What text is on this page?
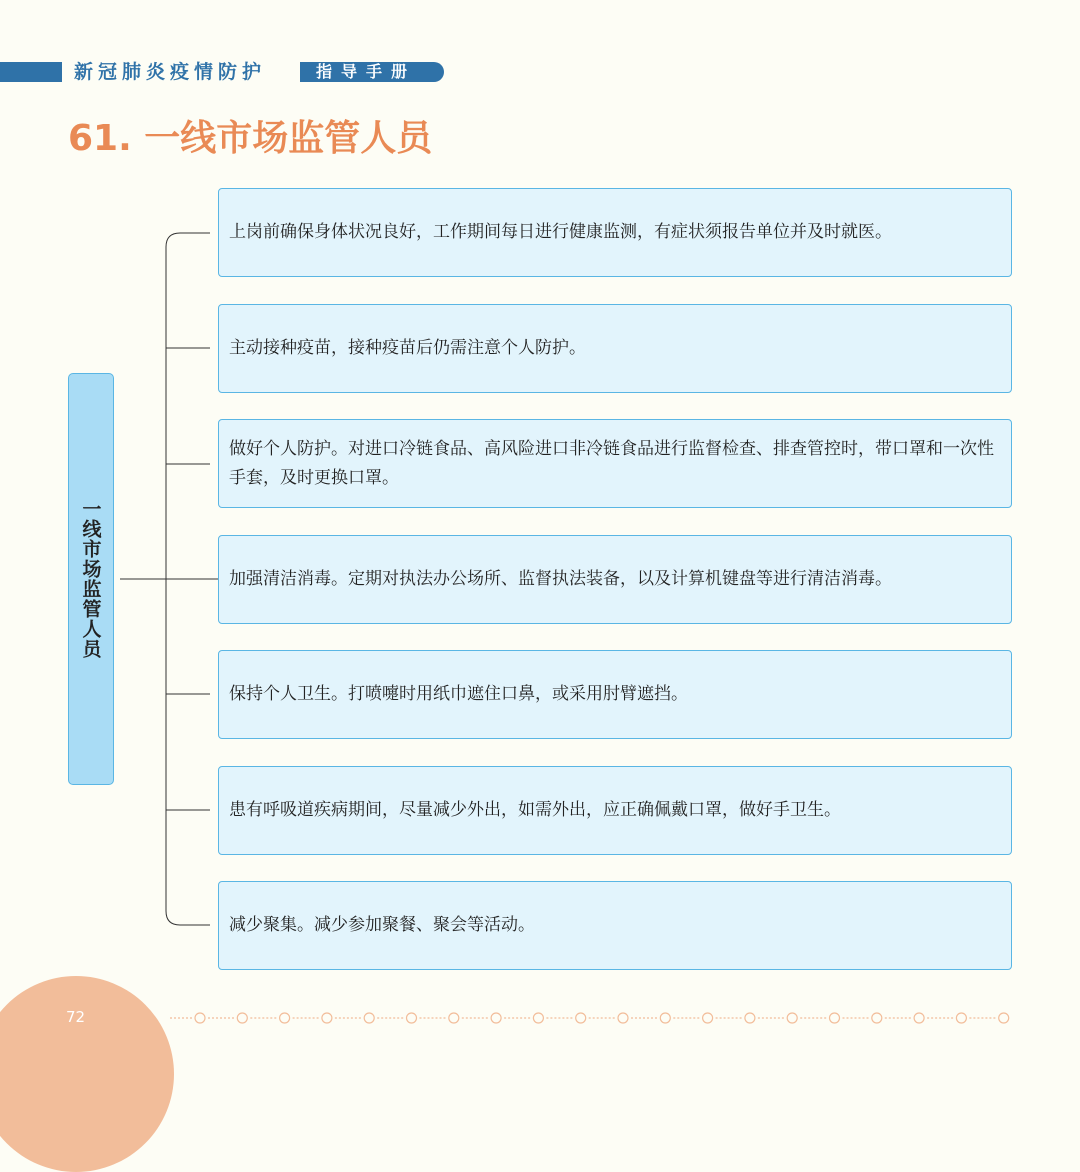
新冠肺炎疫情防护	指导手册
61. 一线市场监管人员
一线市场监管人员
上岗前确保身体状况良好，工作期间每日进行健康监测，有症状须报告单位并及时就医。
主动接种疫苗，接种疫苗后仍需注意个人防护。
做好个人防护。对进口冷链食品、高风险进口非冷链食品进行监督检查、排查管控时，带口罩和一次性手套，及时更换口罩。
加强清洁消毒。定期对执法办公场所、监督执法装备，以及计算机键盘等进行清洁消毒。
保持个人卫生。打喷嚏时用纸巾遮住口鼻，或采用肘臂遮挡。
患有呼吸道疾病期间，尽量减少外出，如需外出，应正确佩戴口罩，做好手卫生。
减少聚集。减少参加聚餐、聚会等活动。
72
